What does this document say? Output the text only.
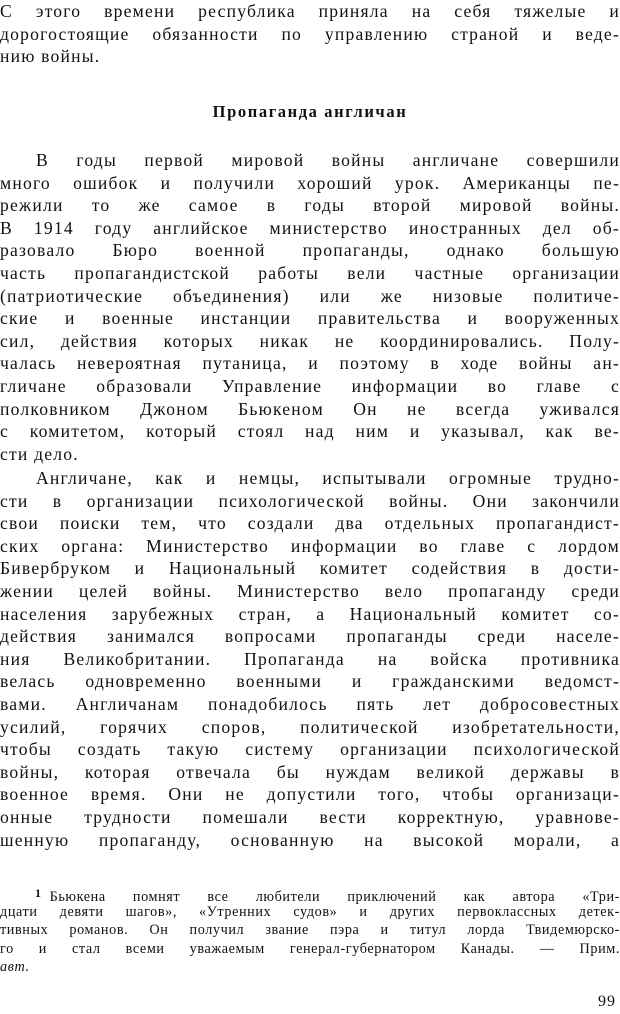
С этого времени республика приняла на себя тяжелые и
дорогостоящие обязанности по управлению страной и веде-
нию войны.
Пропаганда англичан
В годы первой мировой войны англичане совершили
много ошибок и получили хороший урок. Американцы пе-
режили то же самое в годы второй мировой войны.
В 1914 году английское министерство иностранных дел об-
разовало Бюро военной пропаганды, однако большую
часть пропагандистской работы вели частные организации
(патриотические объединения) или же низовые политиче-
ские и военные инстанции правительства и вооруженных
сил, действия которых никак не координировались. Полу-
чалась невероятная путаница, и поэтому в ходе войны ан-
гличане образовали Управление информации во главе с
полковником Джоном Бьюкеном Он не всегда уживался
с комитетом, который стоял над ним и указывал, как ве-
сти дело.
Англичане, как и немцы, испытывали огромные трудно-
сти в организации психологической войны. Они закончили
свои поиски тем, что создали два отдельных пропагандист-
ских органа: Министерство информации во главе с лордом
Бивербруком и Национальный комитет содействия в дости-
жении целей войны. Министерство вело пропаганду среди
населения зарубежных стран, а Национальный комитет со-
действия занимался вопросами пропаганды среди населе-
ния Великобритании. Пропаганда на войска противника
велась одновременно военными и гражданскими ведомст-
вами. Англичанам понадобилось пять лет добросовестных
усилий, горячих споров, политической изобретательности,
чтобы создать такую систему организации психологической
войны, которая отвечала бы нуждам великой державы в
военное время. Они не допустили того, чтобы организаци-
онные трудности помешали вести корректную, уравнове-
шенную пропаганду, основанную на высокой морали, а
$^1$ Бьюкена помнят все любители приключений как автора «Три-
дцати девяти шагов», «Утренних судов» и других первоклассных детек-
тивных романов. Он получил звание пэра и титул лорда Твидемюрско-
го и стал всеми уважаемым генерал-губернатором Канады. — Прим.
авт.
99
